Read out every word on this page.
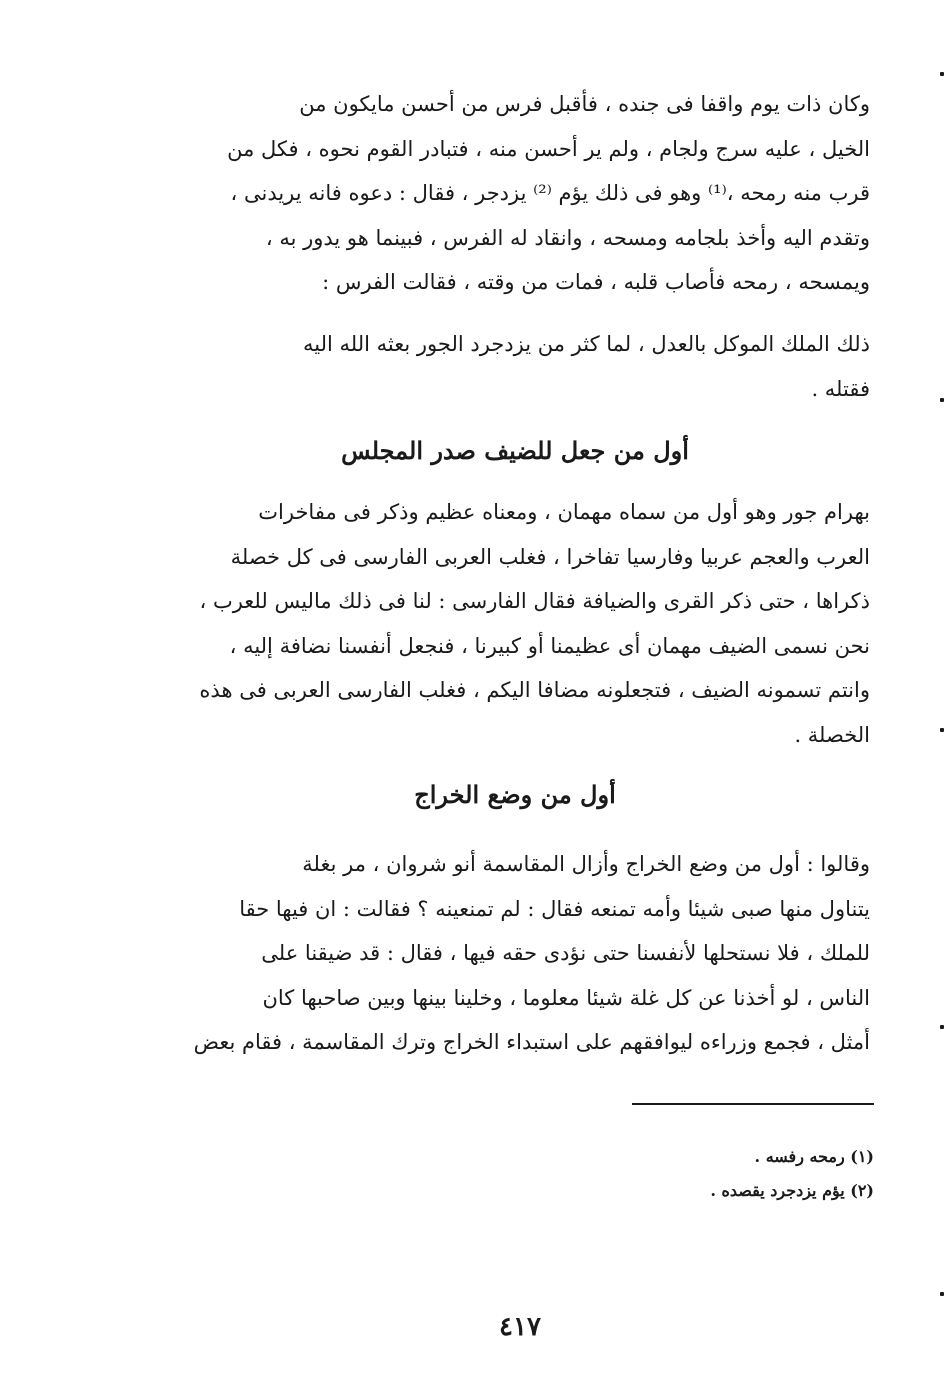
وكان ذات يوم واقفا فى جنده ، فأقبل فرس من أحسن مايكون من
الخيل ، عليه سرج ولجام ، ولم ير أحسن منه ، فتبادر القوم نحوه ، فكل من
قرب منه رمحه ،⁽¹⁾ وهو فى ذلك يؤم ⁽²⁾ يزدجر ، فقال : دعوه فانه يريدنى ،
وتقدم اليه وأخذ بلجامه ومسحه ، وانقاد له الفرس ، فبينما هو يدور به ،
ويمسحه ، رمحه فأصاب قلبه ، فمات من وقته ، فقالت الفرس :
ذلك الملك الموكل بالعدل ، لما كثر من يزدجرد الجور بعثه الله اليه
فقتله .
أول من جعل للضيف صدر المجلس
بهرام جور وهو أول من سماه مهمان ، ومعناه عظيم وذكر فى مفاخرات
العرب والعجم عربيا وفارسيا تفاخرا ، فغلب العربى الفارسى فى كل خصلة
ذكراها ، حتى ذكر القرى والضيافة فقال الفارسى : لنا فى ذلك ماليس للعرب ،
نحن نسمى الضيف مهمان أى عظيمنا أو كبيرنا ، فنجعل أنفسنا نضافة إليه ،
وانتم تسمونه الضيف ، فتجعلونه مضافا اليكم ، فغلب الفارسى العربى فى هذه
الخصلة .
أول من وضع الخراج
وقالوا : أول من وضع الخراج وأزال المقاسمة أنو شروان ، مر بغلة
يتناول منها صبى شيئا وأمه تمنعه فقال : لم تمنعينه ؟ فقالت : ان فيها حقا
للملك ، فلا نستحلها لأنفسنا حتى نؤدى حقه فيها ، فقال : قد ضيقنا على
الناس ، لو أخذنا عن كل غلة شيئا معلوما ، وخلينا بينها وبين صاحبها كان
أمثل ، فجمع وزراءه ليوافقهم على استبداء الخراج وترك المقاسمة ، فقام بعض
(١) رمحه رفسه .
(٢) يؤم يزدجرد يقصده .
٤١٧
